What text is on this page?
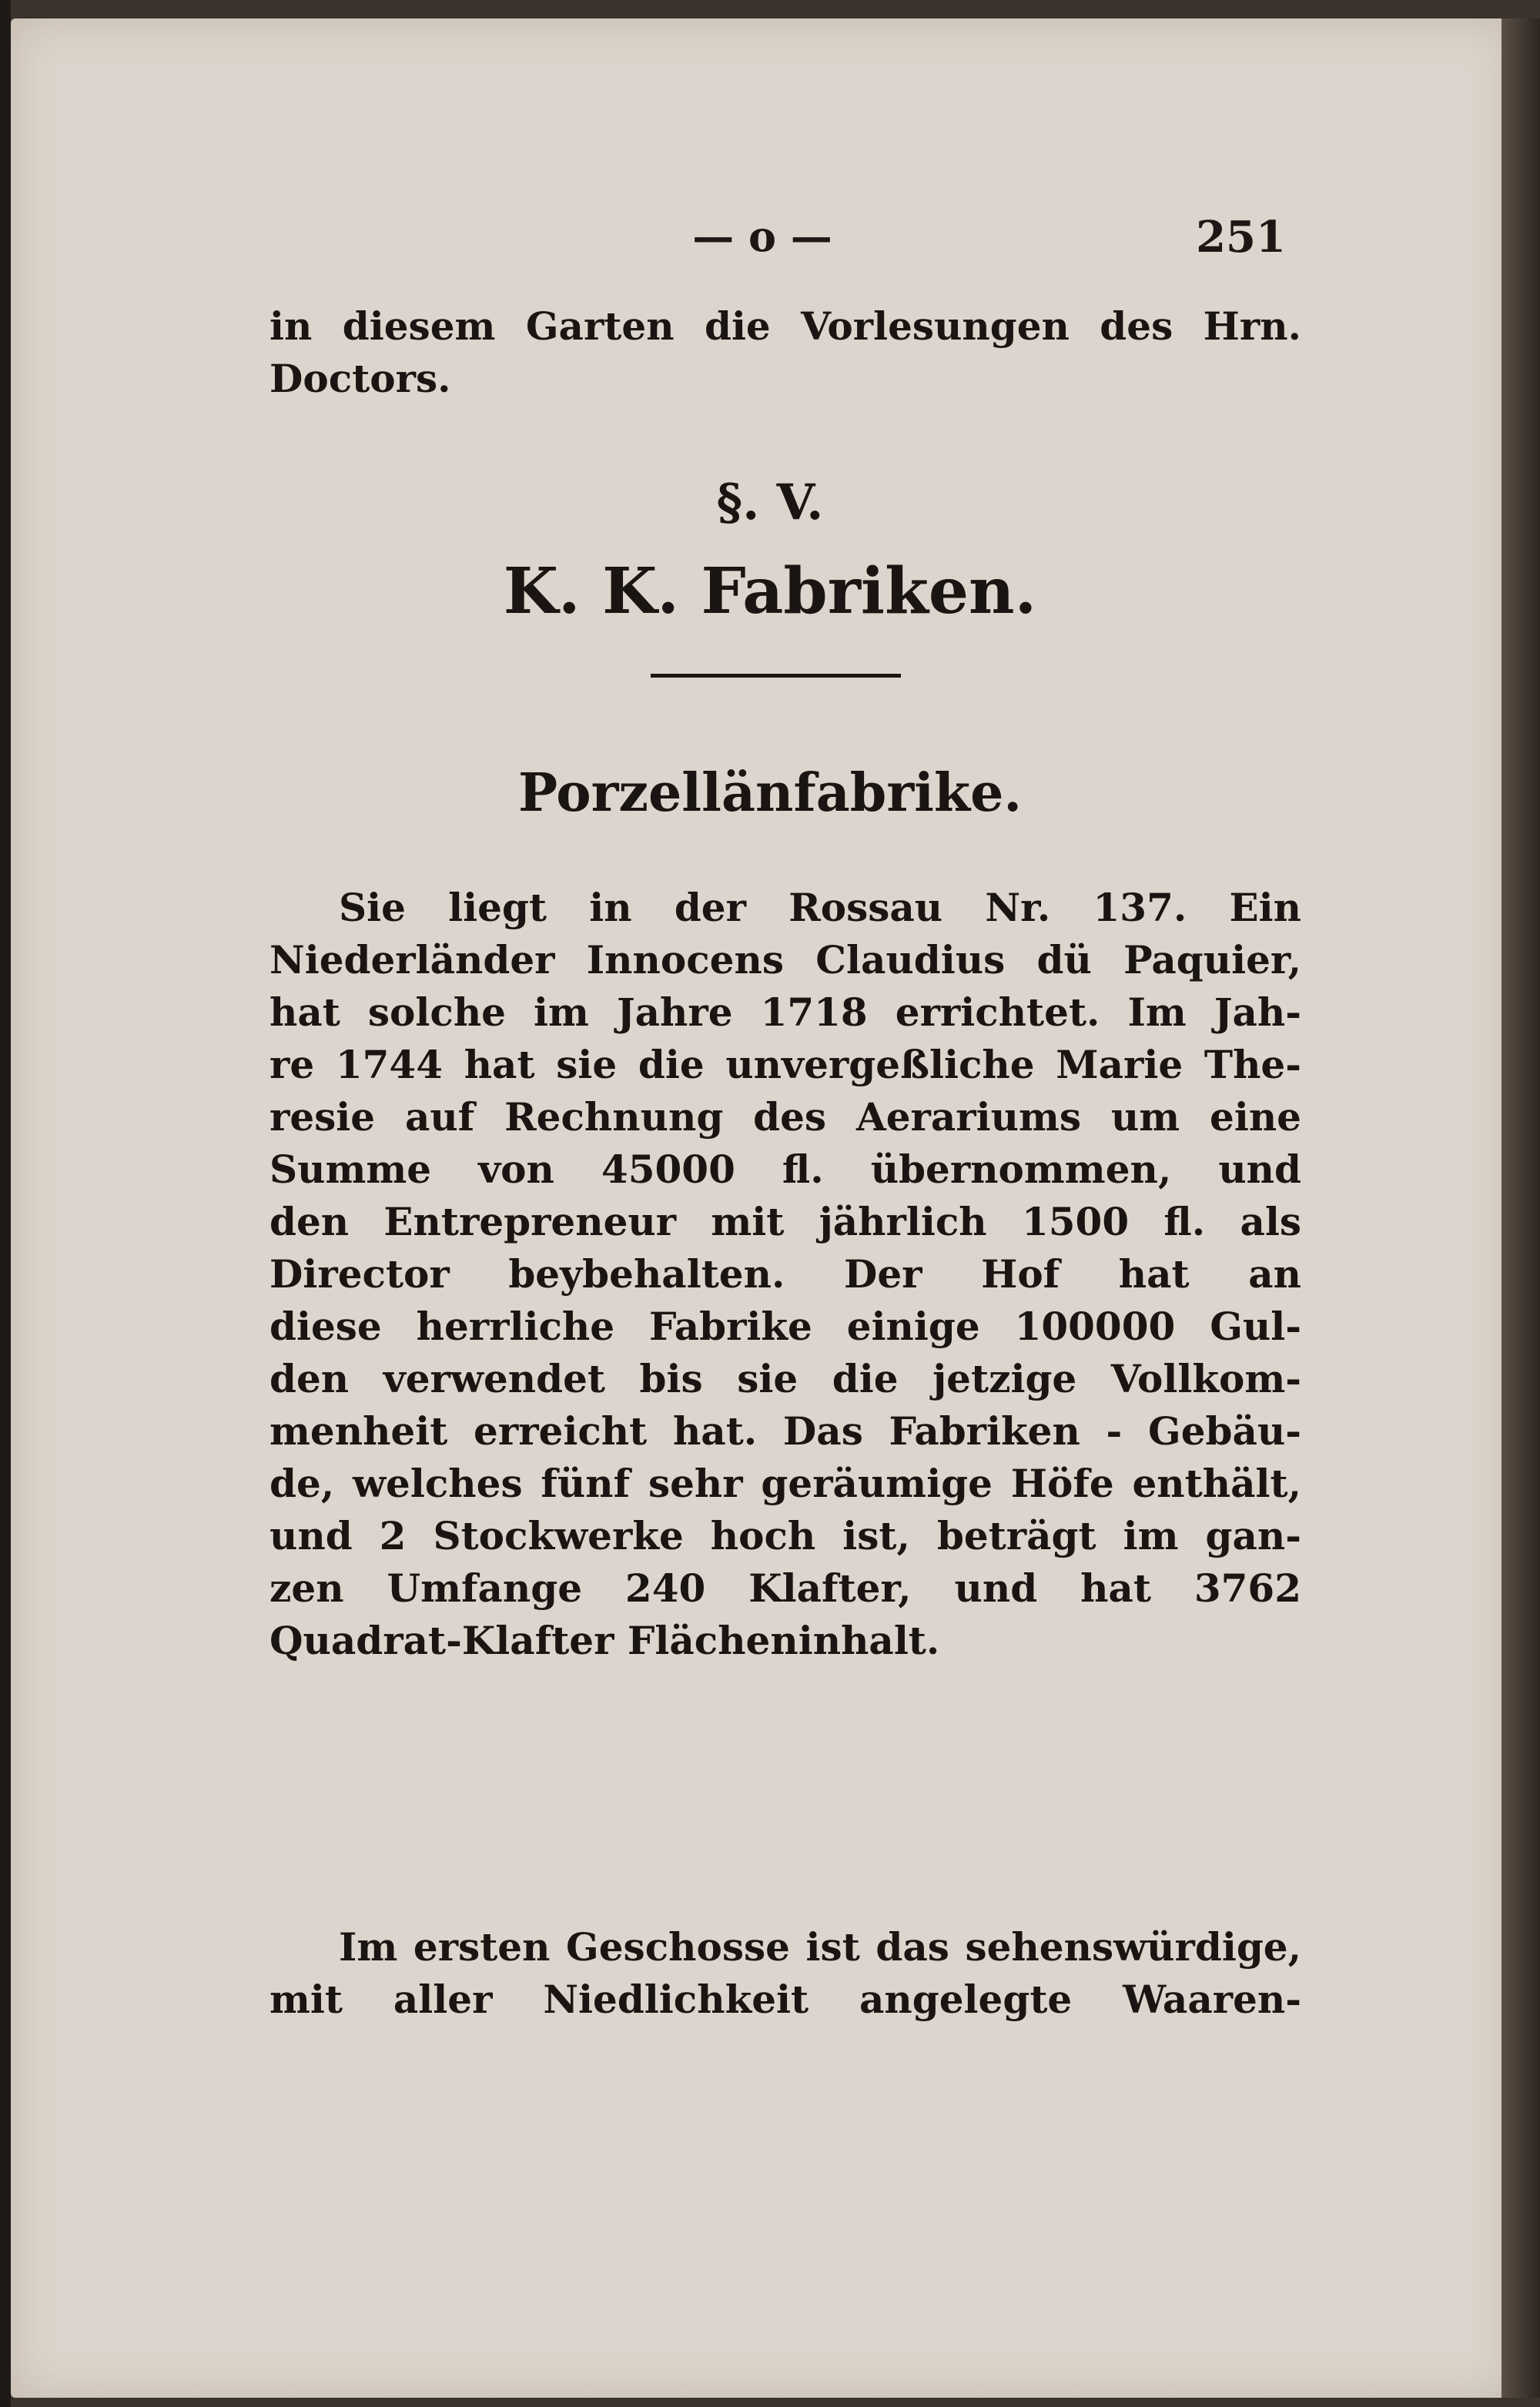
— o —	251
in diesem Garten die Vorlesungen des Hrn.
Doctors.
§. V.
K. K. Fabriken.
Porzellänfabrike.
Sie liegt in der Rossau Nr. 137. Ein
Niederländer Innocens Claudius dü Paquier,
hat solche im Jahre 1718 errichtet. Im Jah-
re 1744 hat sie die unvergeßliche Marie The-
resie auf Rechnung des Aerariums um eine
Summe von 45000 fl. übernommen, und
den Entrepreneur mit jährlich 1500 fl. als
Director beybehalten. Der Hof hat an
diese herrliche Fabrike einige 100000 Gul-
den verwendet bis sie die jetzige Vollkom-
menheit erreicht hat. Das Fabriken - Gebäu-
de, welches fünf sehr geräumige Höfe enthält,
und 2 Stockwerke hoch ist, beträgt im gan-
zen Umfange 240 Klafter, und hat 3762
Quadrat-Klafter Flächeninhalt.
Im ersten Geschosse ist das sehenswürdige,
mit aller Niedlichkeit angelegte Waaren-
